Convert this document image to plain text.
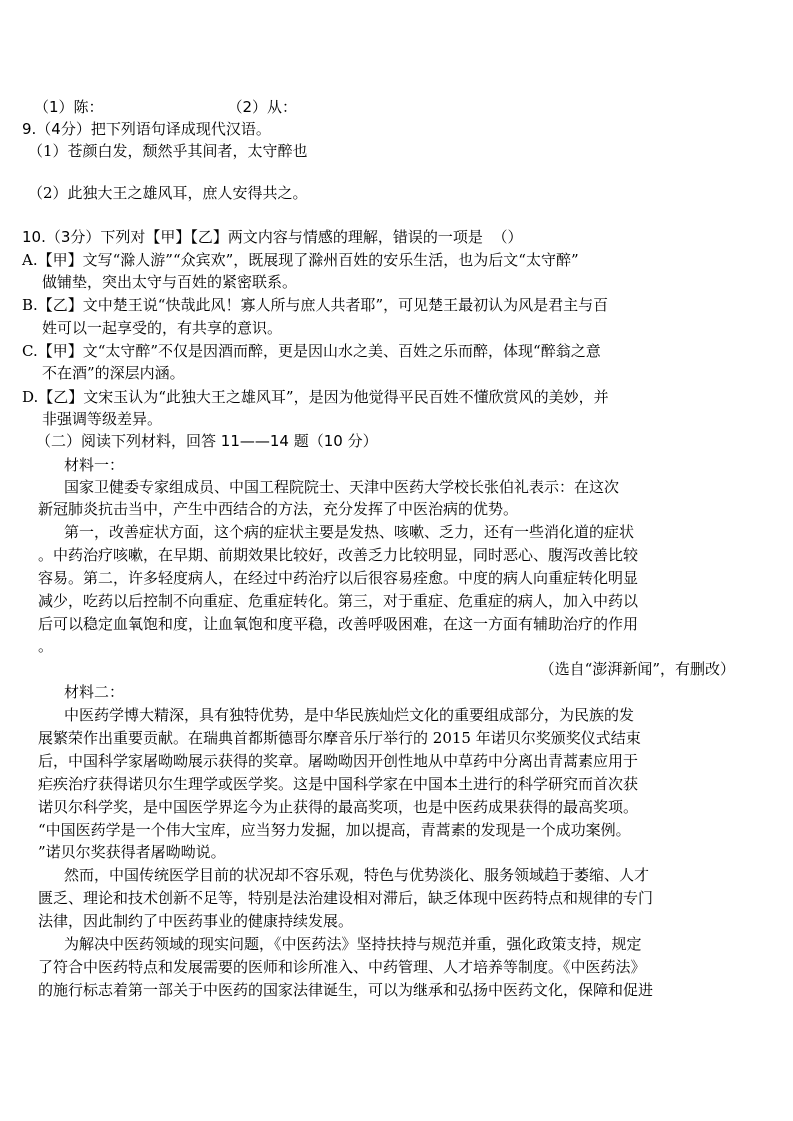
（1）陈：                          （2）从：
9.（4分）把下列语句译成现代汉语。
（1）苍颜白发，颓然乎其间者，太守醉也
（2）此独大王之雄风耳，庶人安得共之。
10.（3分）下列对【甲】【乙】两文内容与情感的理解，错误的一项是  （）
A.【甲】文写“滁人游”“众宾欢”，既展现了滁州百姓的安乐生活，也为后文“太守醉”
做铺垫，突出太守与百姓的紧密联系。
B.【乙】文中楚王说“快哉此风！寡人所与庶人共者耶”，可见楚王最初认为风是君主与百
姓可以一起享受的，有共享的意识。
C.【甲】文“太守醉”不仅是因酒而醉，更是因山水之美、百姓之乐而醉，体现“醉翁之意
不在酒”的深层内涵。
D.【乙】文宋玉认为“此独大王之雄风耳”，是因为他觉得平民百姓不懂欣赏风的美妙，并
非强调等级差异。
（二）阅读下列材料，回答 11——14 题（10 分）
材料一：
国家卫健委专家组成员、中国工程院院士、天津中医药大学校长张伯礼表示：在这次
新冠肺炎抗击当中，产生中西结合的方法，充分发挥了中医治病的优势。
第一，改善症状方面，这个病的症状主要是发热、咳嗽、乏力，还有一些消化道的症状
。中药治疗咳嗽，在早期、前期效果比较好，改善乏力比较明显，同时恶心、腹泻改善比较
容易。第二，许多轻度病人，在经过中药治疗以后很容易痊愈。中度的病人向重症转化明显
减少，吃药以后控制不向重症、危重症转化。第三，对于重症、危重症的病人，加入中药以
后可以稳定血氧饱和度，让血氧饱和度平稳，改善呼吸困难，在这一方面有辅助治疗的作用
。
（选自“澎湃新闻”，有删改）
材料二：
中医药学博大精深，具有独特优势，是中华民族灿烂文化的重要组成部分，为民族的发
展繁荣作出重要贡献。在瑞典首都斯德哥尔摩音乐厅举行的 2015 年诺贝尔奖颁奖仪式结束
后，中国科学家屠呦呦展示获得的奖章。屠呦呦因开创性地从中草药中分离出青蒿素应用于
疟疾治疗获得诺贝尔生理学或医学奖。这是中国科学家在中国本土进行的科学研究而首次获
诺贝尔科学奖，是中国医学界迄今为止获得的最高奖项，也是中医药成果获得的最高奖项。
“中国医药学是一个伟大宝库，应当努力发掘，加以提高，青蒿素的发现是一个成功案例。
”诺贝尔奖获得者屠呦呦说。
然而，中国传统医学目前的状况却不容乐观，特色与优势淡化、服务领域趋于萎缩、人才
匮乏、理论和技术创新不足等，特别是法治建设相对滞后，缺乏体现中医药特点和规律的专门
法律，因此制约了中医药事业的健康持续发展。
为解决中医药领域的现实问题，《中医药法》坚持扶持与规范并重，强化政策支持，规定
了符合中医药特点和发展需要的医师和诊所准入、中药管理、人才培养等制度。《中医药法》
的施行标志着第一部关于中医药的国家法律诞生，可以为继承和弘扬中医药文化，保障和促进
